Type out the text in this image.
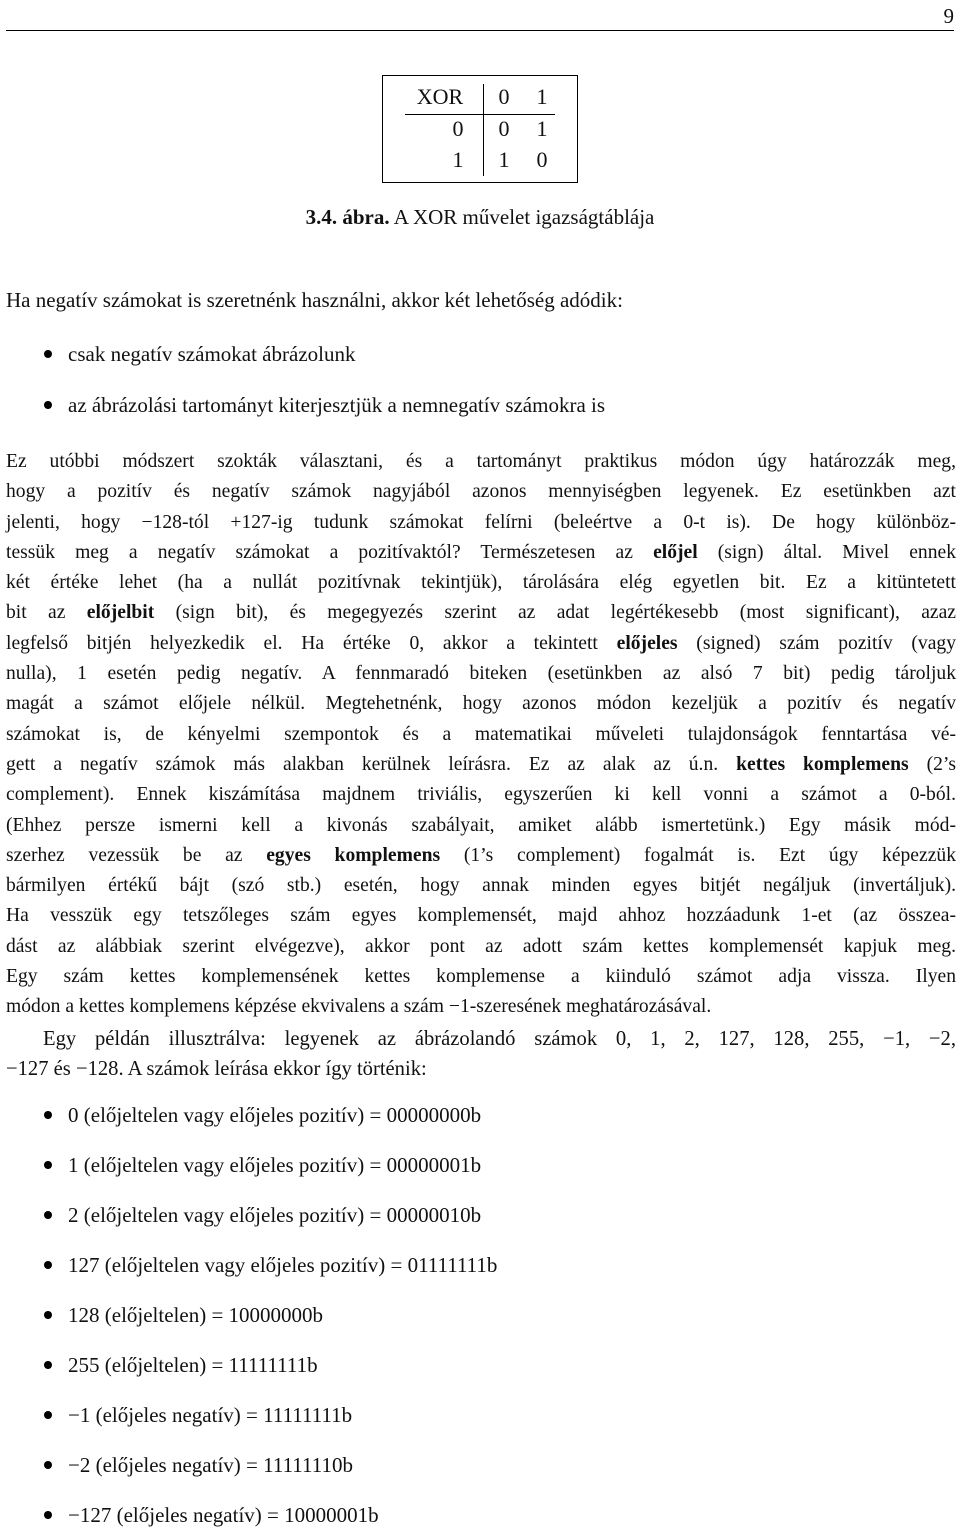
9
XOR	0	1
0	0	1
1	1	0
3.4. ábra. A XOR művelet igazságtáblája
Ha negatív számokat is szeretnénk használni, akkor két lehetőség adódik:
csak negatív számokat ábrázolunk
az ábrázolási tartományt kiterjesztjük a nemnegatív számokra is
Ez utóbbi módszert szokták választani, és a tartományt praktikus módon úgy határozzák meg,
hogy a pozitív és negatív számok nagyjából azonos mennyiségben legyenek. Ez esetünkben azt
jelenti, hogy −128-tól +127-ig tudunk számokat felírni (beleértve a 0-t is). De hogy különböz-
tessük meg a negatív számokat a pozitívaktól? Természetesen az előjel (sign) által. Mivel ennek
két értéke lehet (ha a nullát pozitívnak tekintjük), tárolására elég egyetlen bit. Ez a kitüntetett
bit az előjelbit (sign bit), és megegyezés szerint az adat legértékesebb (most significant), azaz
legfelső bitjén helyezkedik el. Ha értéke 0, akkor a tekintett előjeles (signed) szám pozitív (vagy
nulla), 1 esetén pedig negatív. A fennmaradó biteken (esetünkben az alsó 7 bit) pedig tároljuk
magát a számot előjele nélkül. Megtehetnénk, hogy azonos módon kezeljük a pozitív és negatív
számokat is, de kényelmi szempontok és a matematikai műveleti tulajdonságok fenntartása vé-
gett a negatív számok más alakban kerülnek leírásra. Ez az alak az ú.n. kettes komplemens (2’s
complement). Ennek kiszámítása majdnem triviális, egyszerűen ki kell vonni a számot a 0-ból.
(Ehhez persze ismerni kell a kivonás szabályait, amiket alább ismertetünk.) Egy másik mód-
szerhez vezessük be az egyes komplemens (1’s complement) fogalmát is. Ezt úgy képezzük
bármilyen értékű bájt (szó stb.) esetén, hogy annak minden egyes bitjét negáljuk (invertáljuk).
Ha vesszük egy tetszőleges szám egyes komplemensét, majd ahhoz hozzáadunk 1-et (az összea-
dást az alábbiak szerint elvégezve), akkor pont az adott szám kettes komplemensét kapjuk meg.
Egy szám kettes komplemensének kettes komplemense a kiinduló számot adja vissza. Ilyen
módon a kettes komplemens képzése ekvivalens a szám −1-szeresének meghatározásával.
Egy példán illusztrálva: legyenek az ábrázolandó számok 0, 1, 2, 127, 128, 255, −1, −2,
−127 és −128. A számok leírása ekkor így történik:
0 (előjeltelen vagy előjeles pozitív) = 00000000b
1 (előjeltelen vagy előjeles pozitív) = 00000001b
2 (előjeltelen vagy előjeles pozitív) = 00000010b
127 (előjeltelen vagy előjeles pozitív) = 01111111b
128 (előjeltelen) = 10000000b
255 (előjeltelen) = 11111111b
−1 (előjeles negatív) = 11111111b
−2 (előjeles negatív) = 11111110b
−127 (előjeles negatív) = 10000001b
